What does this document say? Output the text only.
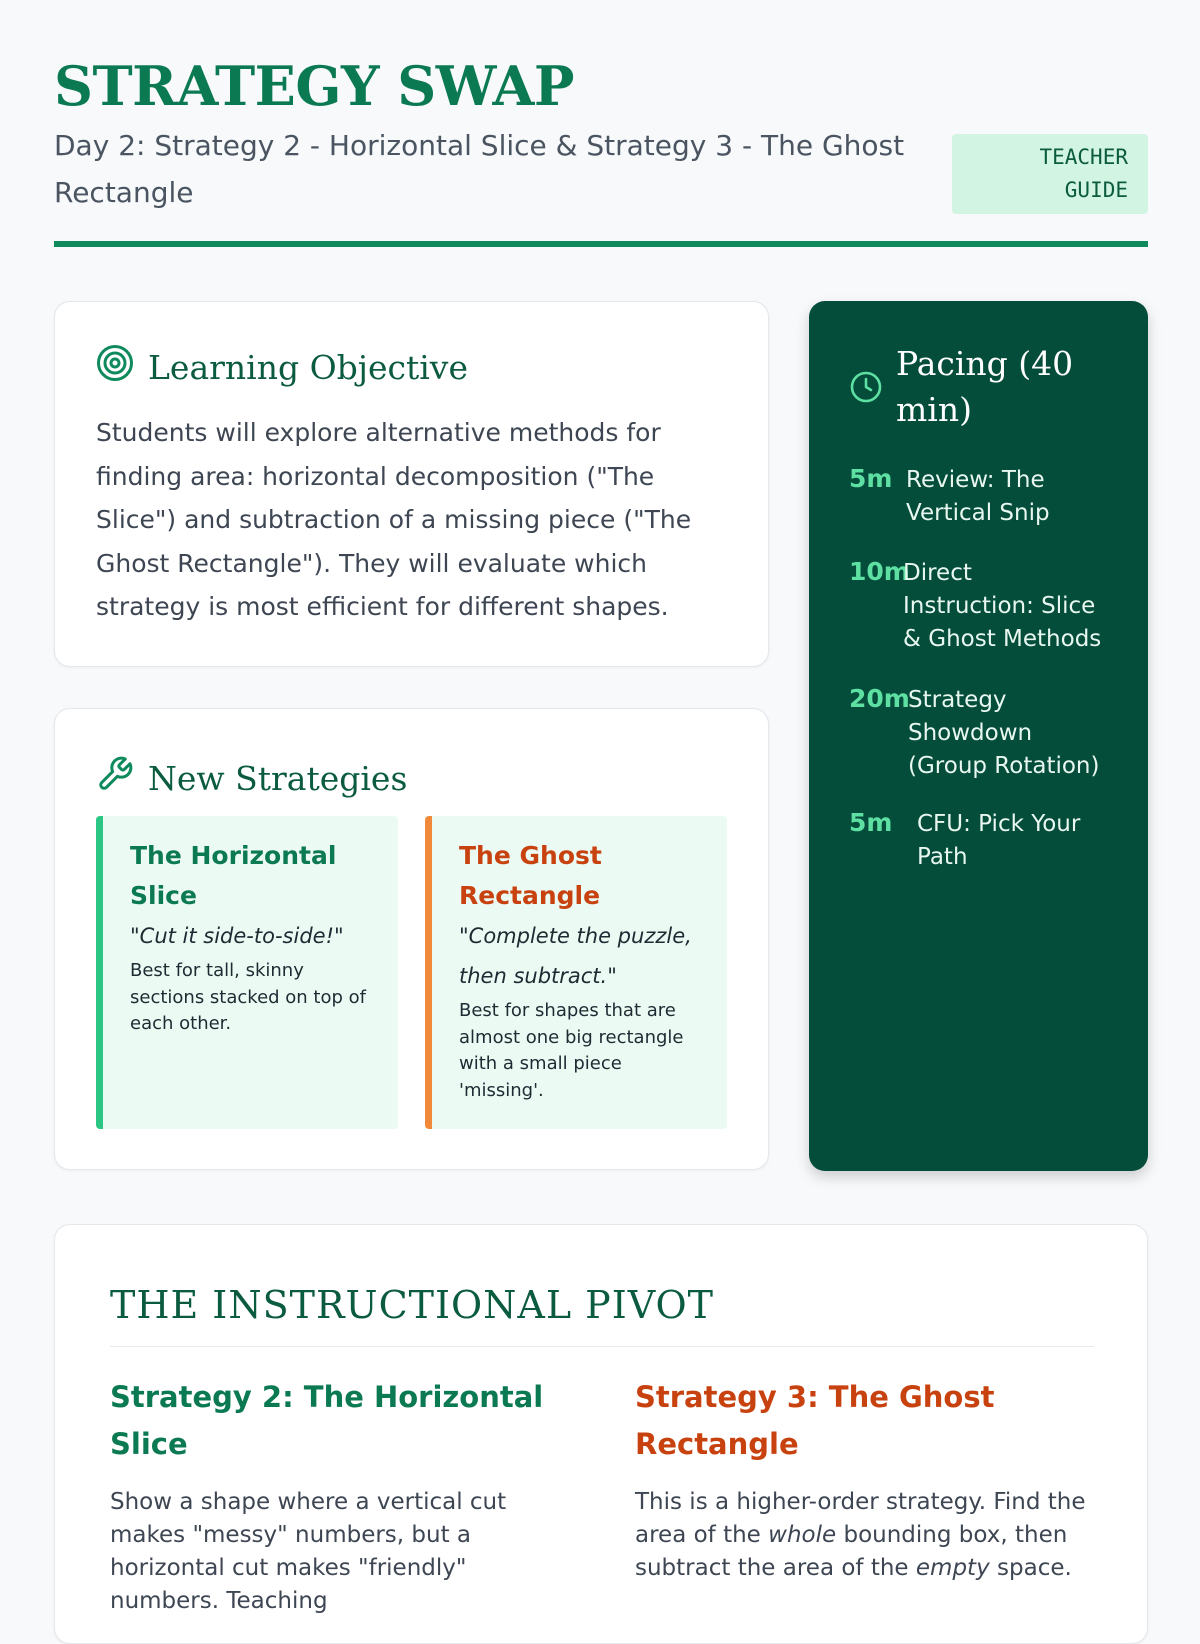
STRATEGY SWAP
Day 2: Strategy 2 - Horizontal Slice & Strategy 3 - The Ghost Rectangle
TEACHER
GUIDE
Learning Objective
Students will explore alternative methods for finding area: horizontal decomposition ("The Slice") and subtraction of a missing piece ("The Ghost Rectangle"). They will evaluate which strategy is most efficient for different shapes.
New Strategies
The Horizontal Slice
"Cut it side-to-side!"
Best for tall, skinny sections stacked on top of each other.
The Ghost Rectangle
"Complete the puzzle, then subtract."
Best for shapes that are almost one big rectangle with a small piece 'missing'.
Pacing (40 min)
5m Review: The Vertical Snip
10m
Direct Instruction: Slice & Ghost Methods
20m
Strategy Showdown (Group Rotation)
5m CFU: Pick Your Path
THE INSTRUCTIONAL PIVOT
Strategy 2: The Horizontal Slice
Show a shape where a vertical cut makes "messy" numbers, but a horizontal cut makes "friendly" numbers. Teaching
Strategy 3: The Ghost Rectangle
This is a higher-order strategy. Find the area of the whole bounding box, then subtract the area of the empty space.
